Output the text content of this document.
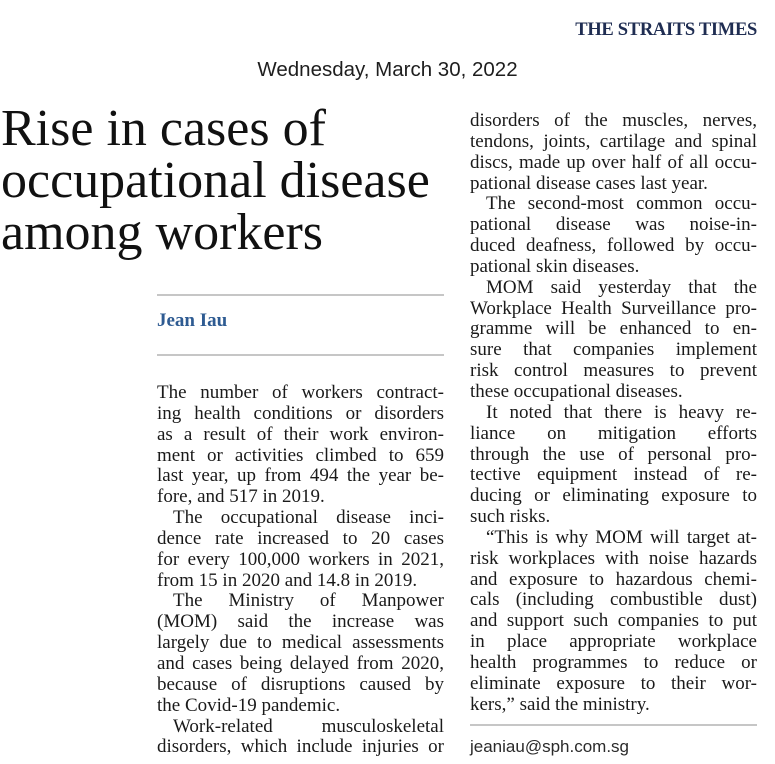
THE STRAITS TIMES
Wednesday, March 30, 2022
Rise in cases of
occupational disease
among workers
Jean Iau
The number of workers contract-
ing health conditions or disorders
as a result of their work environ-
ment or activities climbed to 659
last year, up from 494 the year be-
fore, and 517 in 2019.
The occupational disease inci-
dence rate increased to 20 cases
for every 100,000 workers in 2021,
from 15 in 2020 and 14.8 in 2019.
The Ministry of Manpower
(MOM) said the increase was
largely due to medical assessments
and cases being delayed from 2020,
because of disruptions caused by
the Covid-19 pandemic.
Work-related musculoskeletal
disorders, which include injuries or
disorders of the muscles, nerves,
tendons, joints, cartilage and spinal
discs, made up over half of all occu-
pational disease cases last year.
The second-most common occu-
pational disease was noise-in-
duced deafness, followed by occu-
pational skin diseases.
MOM said yesterday that the
Workplace Health Surveillance pro-
gramme will be enhanced to en-
sure that companies implement
risk control measures to prevent
these occupational diseases.
It noted that there is heavy re-
liance on mitigation efforts
through the use of personal pro-
tective equipment instead of re-
ducing or eliminating exposure to
such risks.
“This is why MOM will target at-
risk workplaces with noise hazards
and exposure to hazardous chemi-
cals (including combustible dust)
and support such companies to put
in place appropriate workplace
health programmes to reduce or
eliminate exposure to their wor-
kers,” said the ministry.
jeaniau@sph.com.sg
